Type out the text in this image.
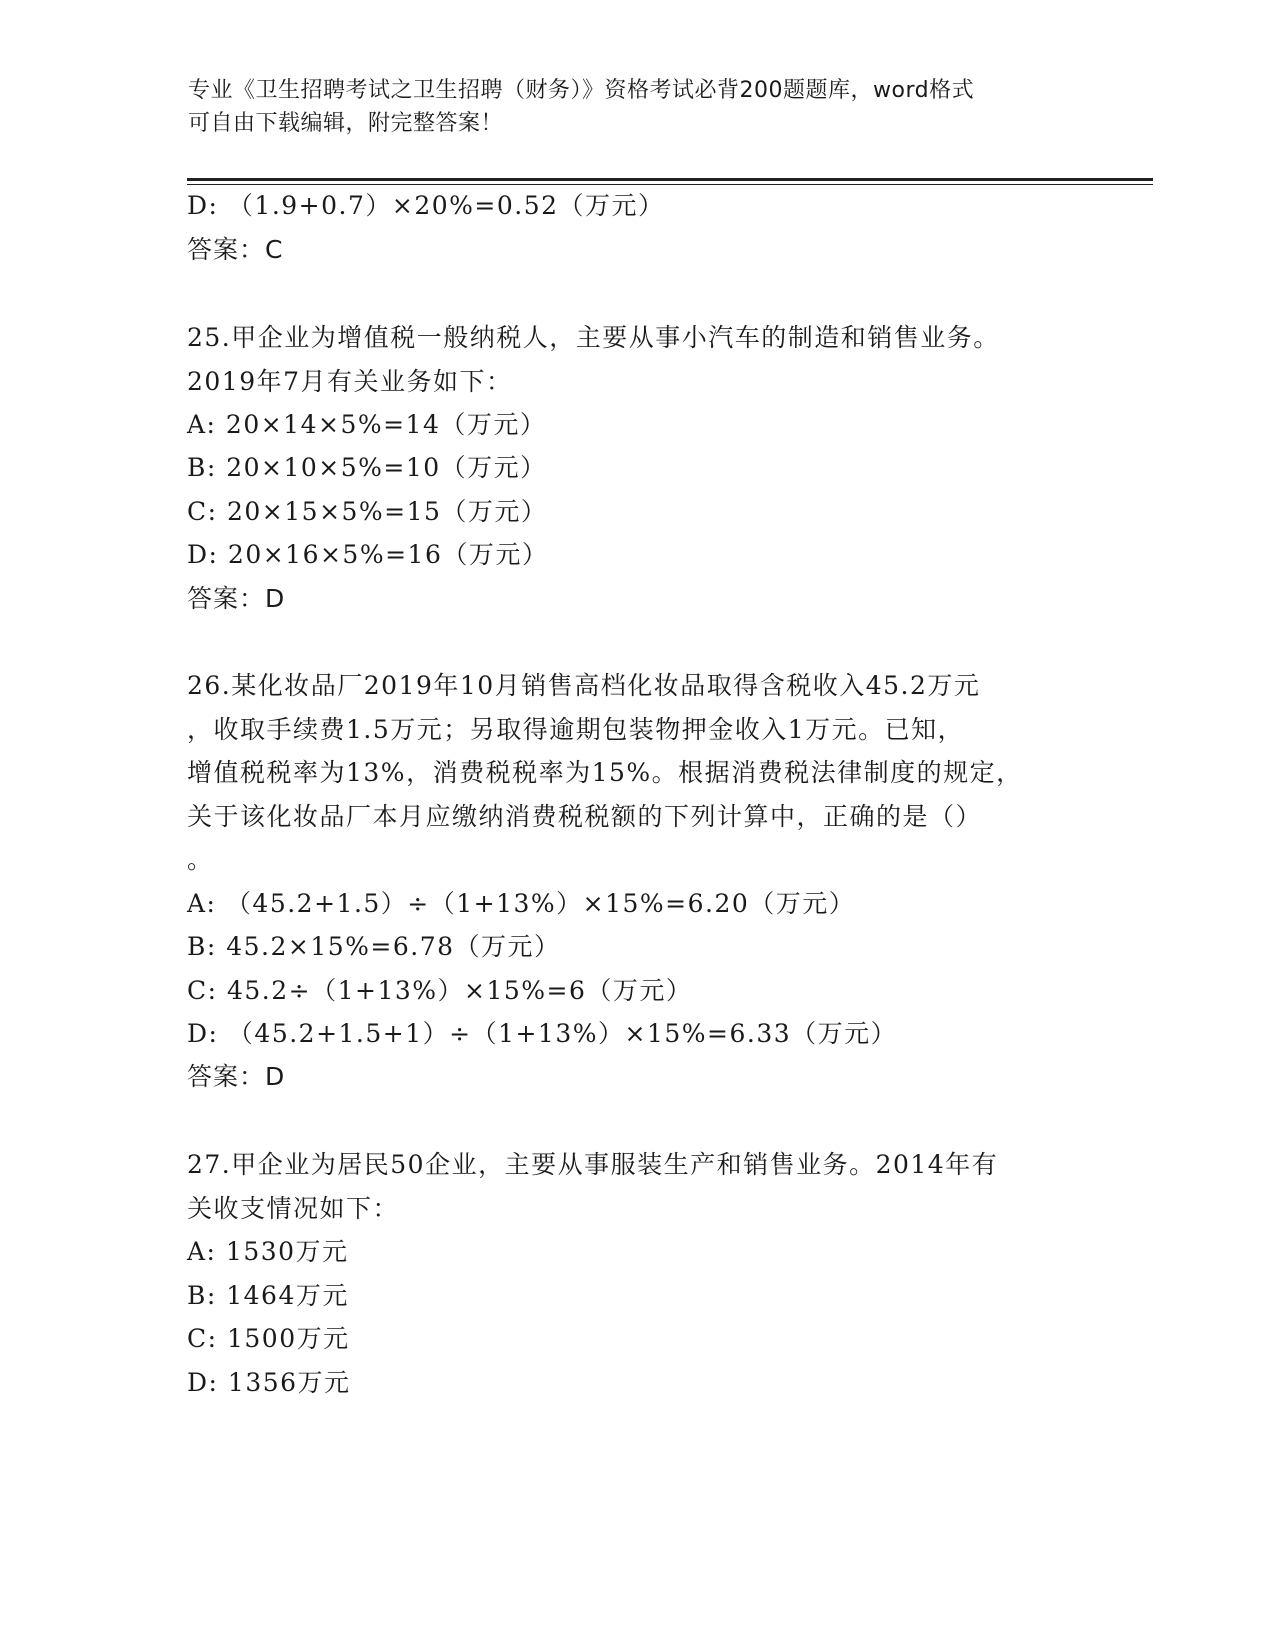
专业《卫生招聘考试之卫生招聘（财务）》资格考试必背200题题库，word格式
可自由下载编辑，附完整答案！
D: （1.9+0.7）×20%=0.52（万元）
答案：C
25.甲企业为增值税一般纳税人，主要从事小汽车的制造和销售业务。
2019年7月有关业务如下：
A: 20×14×5%=14（万元）
B: 20×10×5%=10（万元）
C: 20×15×5%=15（万元）
D: 20×16×5%=16（万元）
答案：D
26.某化妆品厂2019年10月销售高档化妆品取得含税收入45.2万元
，收取手续费1.5万元；另取得逾期包装物押金收入1万元。已知，
增值税税率为13%，消费税税率为15%。根据消费税法律制度的规定，
关于该化妆品厂本月应缴纳消费税税额的下列计算中，正确的是（）
。
A: （45.2+1.5）÷（1+13%）×15%=6.20（万元）
B: 45.2×15%=6.78（万元）
C: 45.2÷（1+13%）×15%=6（万元）
D: （45.2+1.5+1）÷（1+13%）×15%=6.33（万元）
答案：D
27.甲企业为居民50企业，主要从事服装生产和销售业务。2014年有
关收支情况如下：
A: 1530万元
B: 1464万元
C: 1500万元
D: 1356万元
